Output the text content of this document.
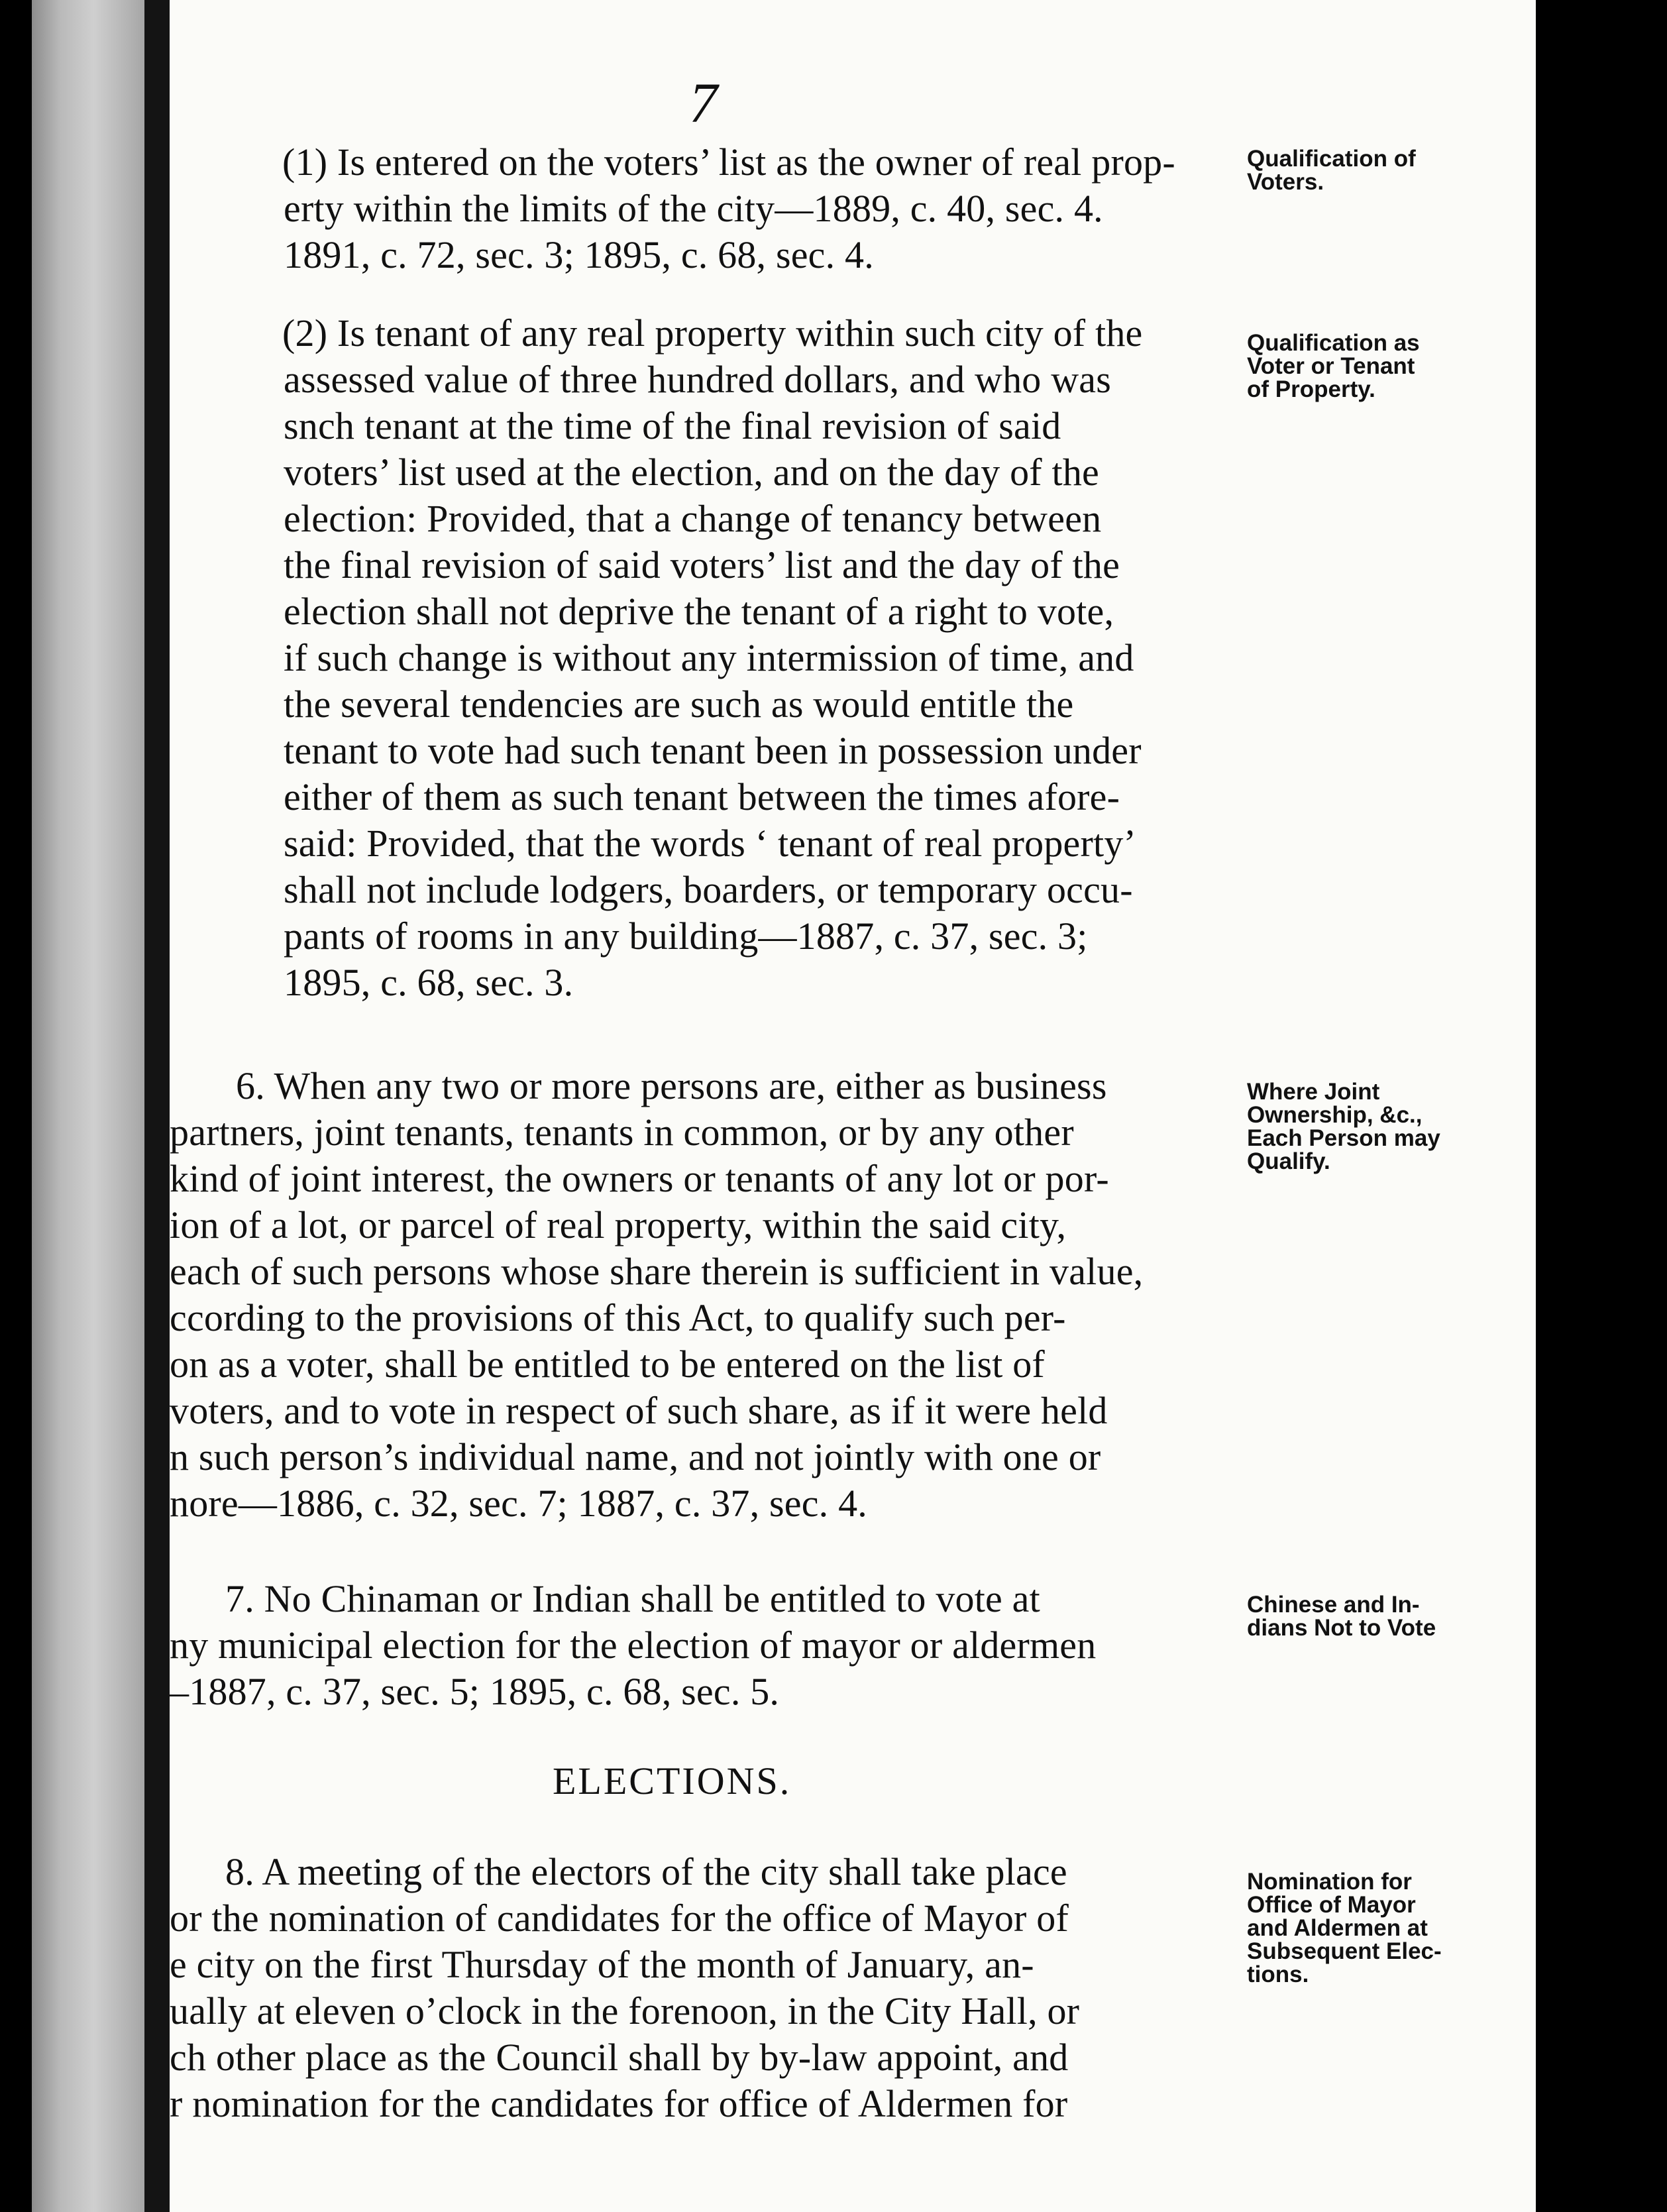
7
(1) Is entered on the voters’ list as the owner of real prop-
erty within the limits of the city—1889, c. 40, sec. 4.
1891, c. 72, sec. 3; 1895, c. 68, sec. 4.
(2) Is tenant of any real property within such city of the
assessed value of three hundred dollars, and who was
snch tenant at the time of the final revision of said
voters’ list used at the election, and on the day of the
election: Provided, that a change of tenancy between
the final revision of said voters’ list and the day of the
election shall not deprive the tenant of a right to vote,
if such change is without any intermission of time, and
the several tendencies are such as would entitle the
tenant to vote had such tenant been in possession under
either of them as such tenant between the times afore-
said: Provided, that the words ‘ tenant of real property’
shall not include lodgers, boarders, or temporary occu-
pants of rooms in any building—1887, c. 37, sec. 3;
1895, c. 68, sec. 3.
6. When any two or more persons are, either as business
partners, joint tenants, tenants in common, or by any other
kind of joint interest, the owners or tenants of any lot or por-
ion of a lot, or parcel of real property, within the said city,
each of such persons whose share therein is sufficient in value,
ccording to the provisions of this Act, to qualify such per-
on as a voter, shall be entitled to be entered on the list of
voters, and to vote in respect of such share, as if it were held
n such person’s individual name, and not jointly with one or
nore—1886, c. 32, sec. 7; 1887, c. 37, sec. 4.
7. No Chinaman or Indian shall be entitled to vote at
ny municipal election for the election of mayor or aldermen
–1887, c. 37, sec. 5; 1895, c. 68, sec. 5.
ELECTIONS.
8. A meeting of the electors of the city shall take place
or the nomination of candidates for the office of Mayor of
e city on the first Thursday of the month of January, an-
ually at eleven o’clock in the forenoon, in the City Hall, or
ch other place as the Council shall by by-law appoint, and
r nomination for the candidates for office of Aldermen for
Qualification of
Voters.
Qualification as
Voter or Tenant
of Property.
Where Joint
Ownership, &c.,
Each Person may
Qualify.
Chinese and In-
dians Not to Vote
Nomination for
Office of Mayor
and Aldermen at
Subsequent Elec-
tions.
